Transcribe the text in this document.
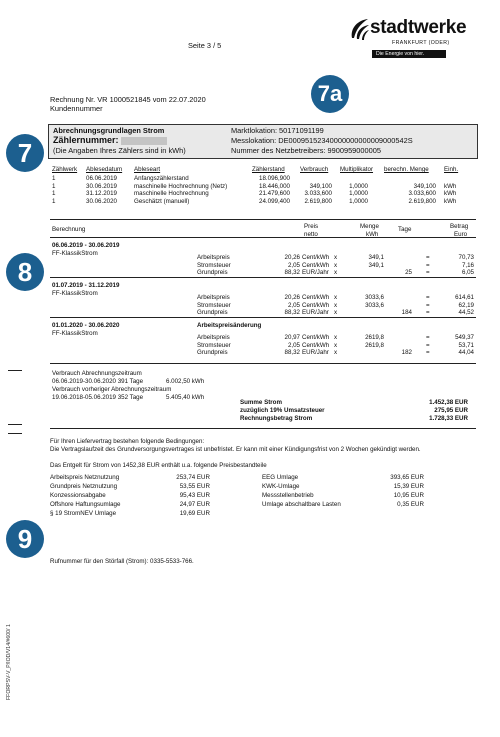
Seite 3 / 5
stadtwerke
FRANKFURT (ODER)
Die Energie von hier.
Rechnung Nr. VR 1000521845 vom 22.07.2020
Kundennummer
7a
7
8
9
Abrechnungsgrundlagen Strom
Zählernummer:
(Die Angaben Ihres Zählers sind in kWh)
Marktlokation: 50171091199
Messlokation: DE00095152340000000000009000542S
Nummer des Netzbetreibers: 9900959000005
Zählwerk Ablesedatum Ableseart	Zählerstand Verbrauch Multiplikator berechn. Menge Einh.
1	06.06.2019	Anfangszählerstand	18.096,900
1	30.06.2019	maschinelle Hochrechnung (Netz)	18.446,000	349,100	1,0000	349,100 kWh
1	31.12.2019	maschinelle Hochrechnung	21.479,600 3.033,600	1,0000	3.033,600 kWh
1	30.06.2020	Geschätzt (manuell)	24.099,400 2.619,800	1,0000	2.619,800 kWh
Berechnung	Preis
netto
Menge
kWh
Tage	Betrag
Euro
06.06.2019 - 30.06.2019
FF-KlassikStrom
Arbeitspreis	20,26 Cent/kWh x	349,1	=	70,73
Stromsteuer	2,05 Cent/kWh x	349,1	=	7,16
Grundpreis	88,32 EUR/Jahr x	25 =	6,05
01.07.2019 - 31.12.2019
FF-KlassikStrom
Arbeitspreis	20,26 Cent/kWh x	3033,6	=	614,61
Stromsteuer	2,05 Cent/kWh x	3033,6	=	62,19
Grundpreis	88,32 EUR/Jahr x	184 =	44,52
01.01.2020 - 30.06.2020
FF-KlassikStrom
Arbeitspreisänderung
Arbeitspreis	20,97 Cent/kWh x	2619,8	=	549,37
Stromsteuer	2,05 Cent/kWh x	2619,8	=	53,71
Grundpreis	88,32 EUR/Jahr x	182 =	44,04
Verbrauch Abrechnungszeitraum
06.06.2019-30.06.2020 391 Tage	6.002,50 kWh
Verbrauch vorheriger Abrechnungszeitraum
19.06.2018-05.06.2019 352 Tage	5.405,40 kWh
Summe Strom	1.452,38 EUR
zuzüglich 19% Umsatzsteuer	275,95 EUR
Rechnungsbetrag Strom	1.728,33 EUR
Für Ihren Liefervertrag bestehen folgende Bedingungen:
Die Vertragslaufzeit des Grundversorgungsvertrages ist unbefristet. Er kann mit einer Kündigungsfrist von 2 Wochen gekündigt werden.
Das Entgelt für Strom von 1452,38 EUR enthält u.a. folgende Preisbestandteile
Arbeitspreis Netznutzung	253,74 EUR
Grundpreis Netznutzung	53,55 EUR
Konzessionsabgabe	95,43 EUR
Offshore Haftungsumlage	24,97 EUR
§ 19 StromNEV Umlage	19,69 EUR
EEG Umlage	393,65 EUR
KWK-Umlage	15,39 EUR
Messstellenbetrieb	10,95 EUR
Umlage abschaltbare Lasten	0,35 EUR
Rufnummer für den Störfall (Strom): 0335-5533-766.
FFORPSV-V_P/IOD/V14/#600/ 1
